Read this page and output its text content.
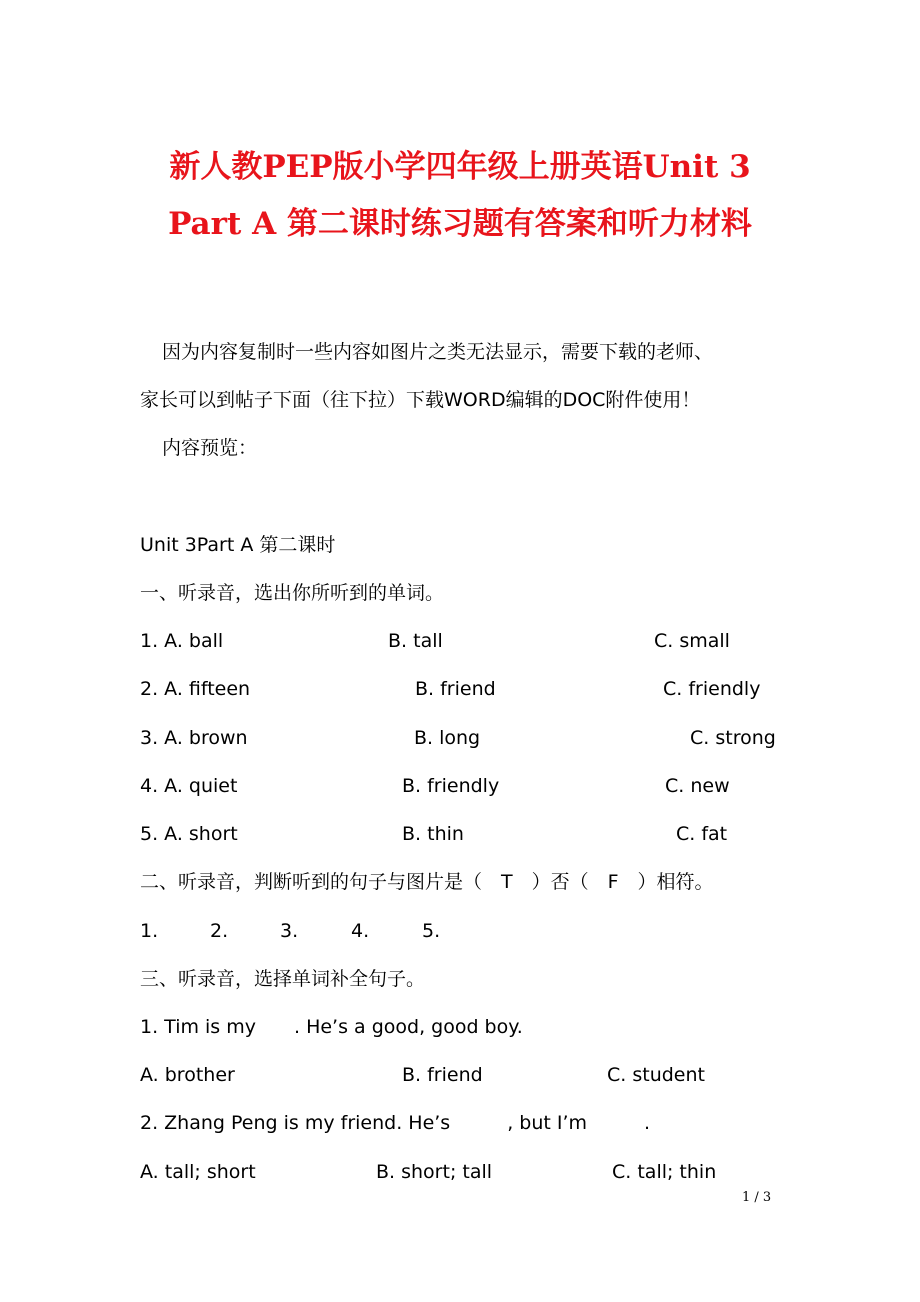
新人教PEP版小学四年级上册英语Unit 3
Part A 第二课时练习题有答案和听力材料
因为内容复制时一些内容如图片之类无法显示，需要下载的老师、
家长可以到帖子下面（往下拉）下载WORD编辑的DOC附件使用！
内容预览：
Unit 3Part A 第二课时
一、听录音，选出你所听到的单词。
1. A. ball	B. tall	C. small
2. A. fifteen	B. friend	C. friendly
3. A. brown	B. long	C. strong
4. A. quiet	B. friendly	C. new
5. A. short	B. thin	C. fat
二、听录音，判断听到的句子与图片是（　T　）否（　F　）相符。
1.	2.	3.	4.	5.
三、听录音，选择单词补全句子。
1. Tim is my　　. He’s a good, good boy.
A. brother	B. friend	C. student
2. Zhang Peng is my friend. He’s　　　, but I’m　　　.
A. tall; short	B. short; tall	C. tall; thin
1 / 3
